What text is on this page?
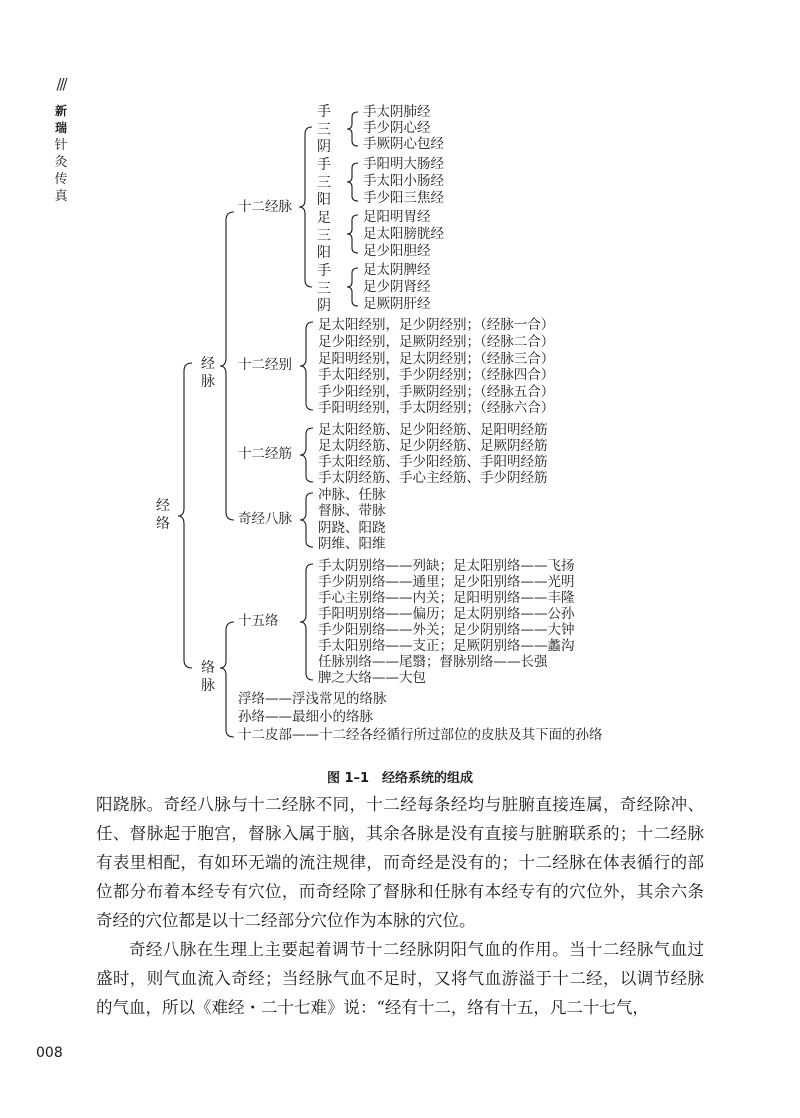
///
新
瑞
针
灸
传
真
经
络
经
脉
络
脉
十二经脉
十二经别
十二经筋
奇经八脉
十五络
手
三
阴
手
三
阳
足
三
阳
手
三
阴
手太阴肺经
手少阴心经
手厥阴心包经
手阳明大肠经
手太阳小肠经
手少阳三焦经
足阳明胃经
足太阳膀胱经
足少阳胆经
足太阴脾经
足少阴肾经
足厥阴肝经
足太阳经别，足少阴经别；（经脉一合）
足少阳经别，足厥阴经别；（经脉二合）
足阳明经别，足太阴经别；（经脉三合）
手太阳经别，手少阴经别；（经脉四合）
手少阳经别，手厥阴经别；（经脉五合）
手阳明经别，手太阴经别；（经脉六合）
足太阳经筋、足少阳经筋、足阳明经筋
足太阴经筋、足少阴经筋、足厥阴经筋
手太阳经筋、手少阳经筋、手阳明经筋
手太阴经筋、手心主经筋、手少阴经筋
冲脉、任脉
督脉、带脉
阴跷、阳跷
阴维、阳维
手太阴别络——列缺；足太阳别络——飞扬
手少阴别络——通里；足少阳别络——光明
手心主别络——内关；足阳明别络——丰隆
手阳明别络——偏历；足太阴别络——公孙
手少阳别络——外关；足少阴别络——大钟
手太阳别络——支正；足厥阴别络——蠡沟
任脉别络——尾翳；督脉别络——长强
脾之大络——大包
浮络——浮浅常见的络脉
孙络——最细小的络脉
十二皮部——十二经各经循行所过部位的皮肤及其下面的孙络
图 1–1　经络系统的组成

阳跷脉。奇经八脉与十二经脉不同，十二经每条经均与脏腑直接连属，奇经除冲、任、督脉起于胞宫，督脉入属于脑，其余各脉是没有直接与脏腑联系的；十二经脉有表里相配，有如环无端的流注规律，而奇经是没有的；十二经脉在体表循行的部位都分布着本经专有穴位，而奇经除了督脉和任脉有本经专有的穴位外，其余六条奇经的穴位都是以十二经部分穴位作为本脉的穴位。

奇经八脉在生理上主要起着调节十二经脉阴阳气血的作用。当十二经脉气血过盛时，则气血流入奇经；当经脉气血不足时，又将气血游溢于十二经，以调节经脉的气血，所以《难经・二十七难》说：“经有十二，络有十五，凡二十七气，

008
